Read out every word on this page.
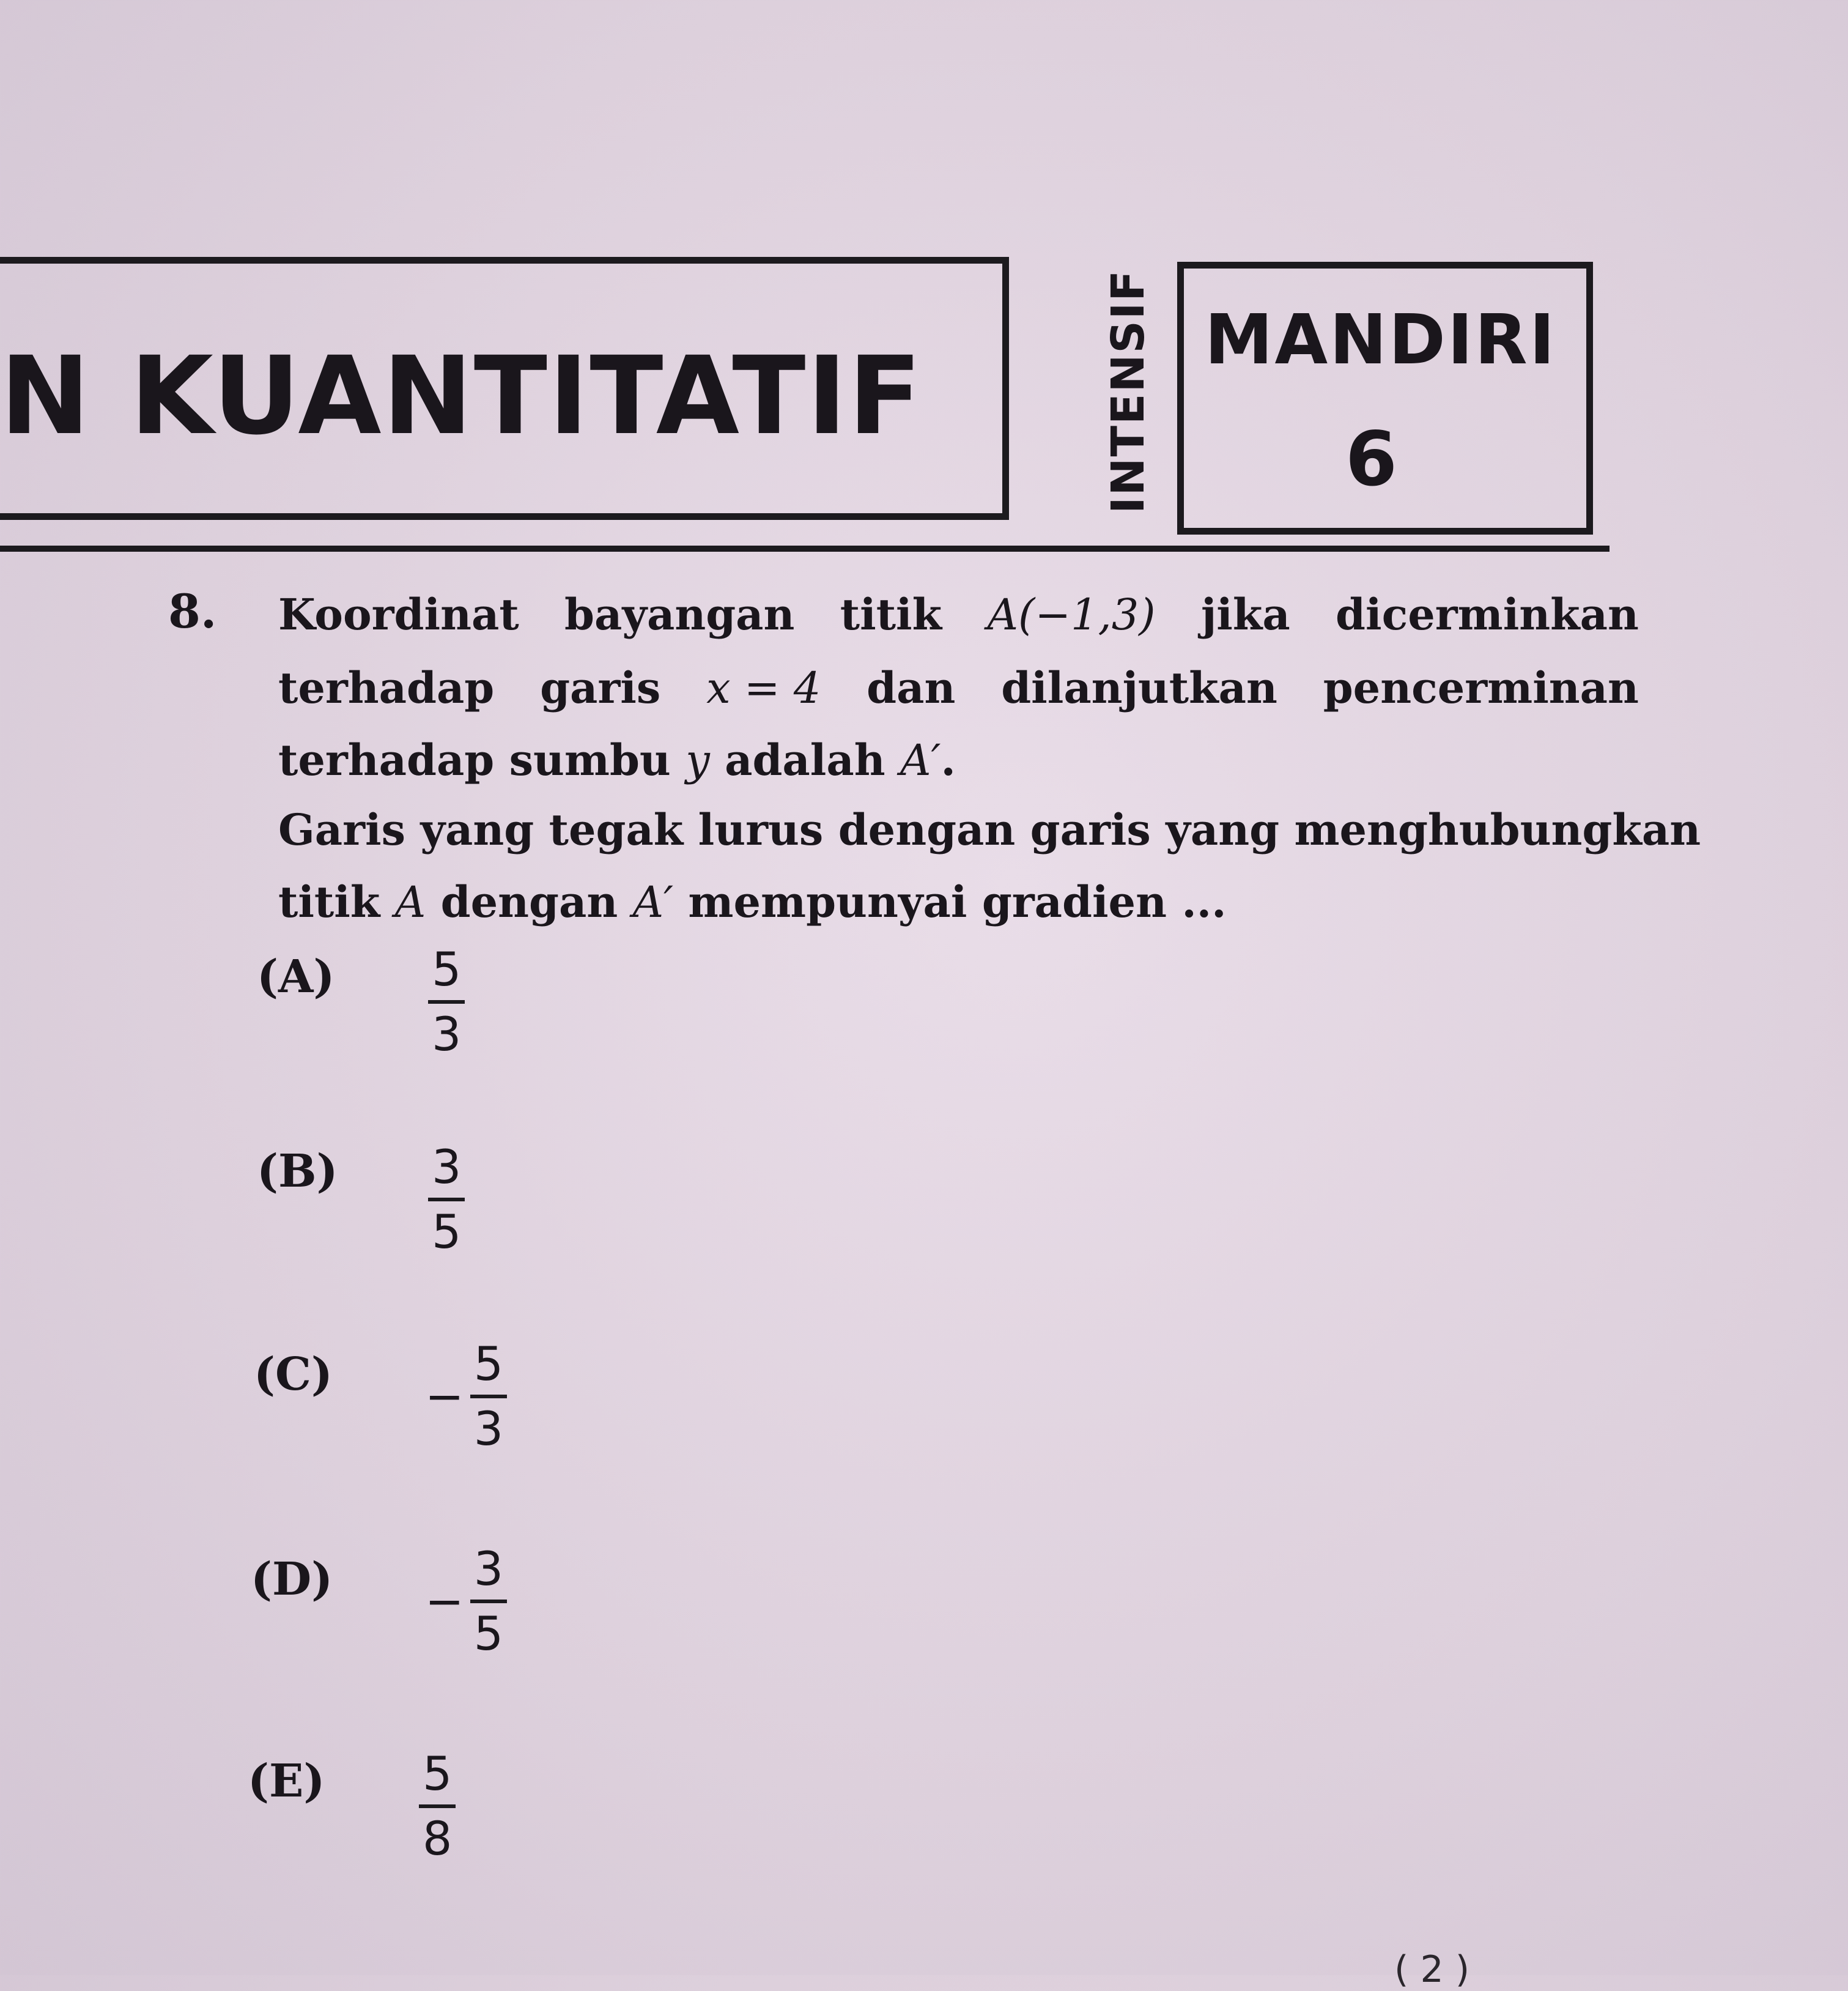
N KUANTITATIF	INTENSIF MANDIRI
6
8. Koordinat bayangan titik A(−1,3) jika dicerminkan
terhadap garis x = 4 dan dilanjutkan pencerminan
terhadap sumbu y adalah A′.
Garis yang tegak lurus dengan garis yang menghubungkan
titik A dengan A′ mempunyai gradien ...
$(A) \frac{5}{3}$
$(B) \frac{3}{5}$
$(C) - \frac{5}{3}$
$(D) - \frac{3}{5}$
$(E) \frac{5}{8}$
( 2 )
